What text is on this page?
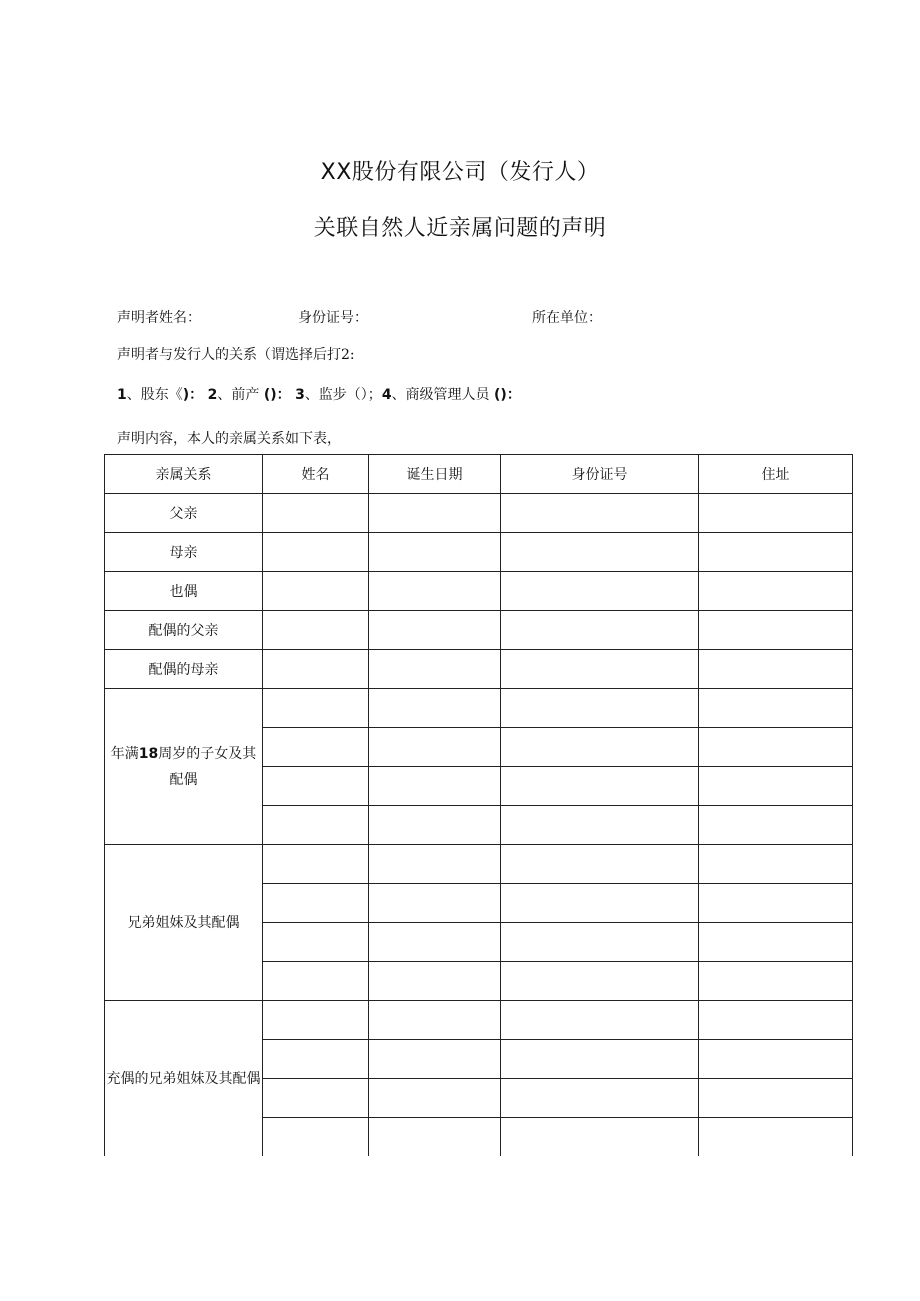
XX股份有限公司（发行人）
关联自然人近亲属问题的声明
声明者姓名：	身份证号：	所在单位：
声明者与发行人的关系（谓选择后打2:
1、股东《)： 2、前产 ()： 3、监步（）；4、商级管理人员 ()：
声明内容，本人的亲属关系如下表，
亲属关系	姓名	诞生日期	身份证号	住址
父亲				
母亲				
也偶				
配偶的父亲				
配偶的母亲				
年满18周岁的子女及其配偶				

兄弟姐妹及其配偶				

充偶的兄弟姐妹及其配偶				
